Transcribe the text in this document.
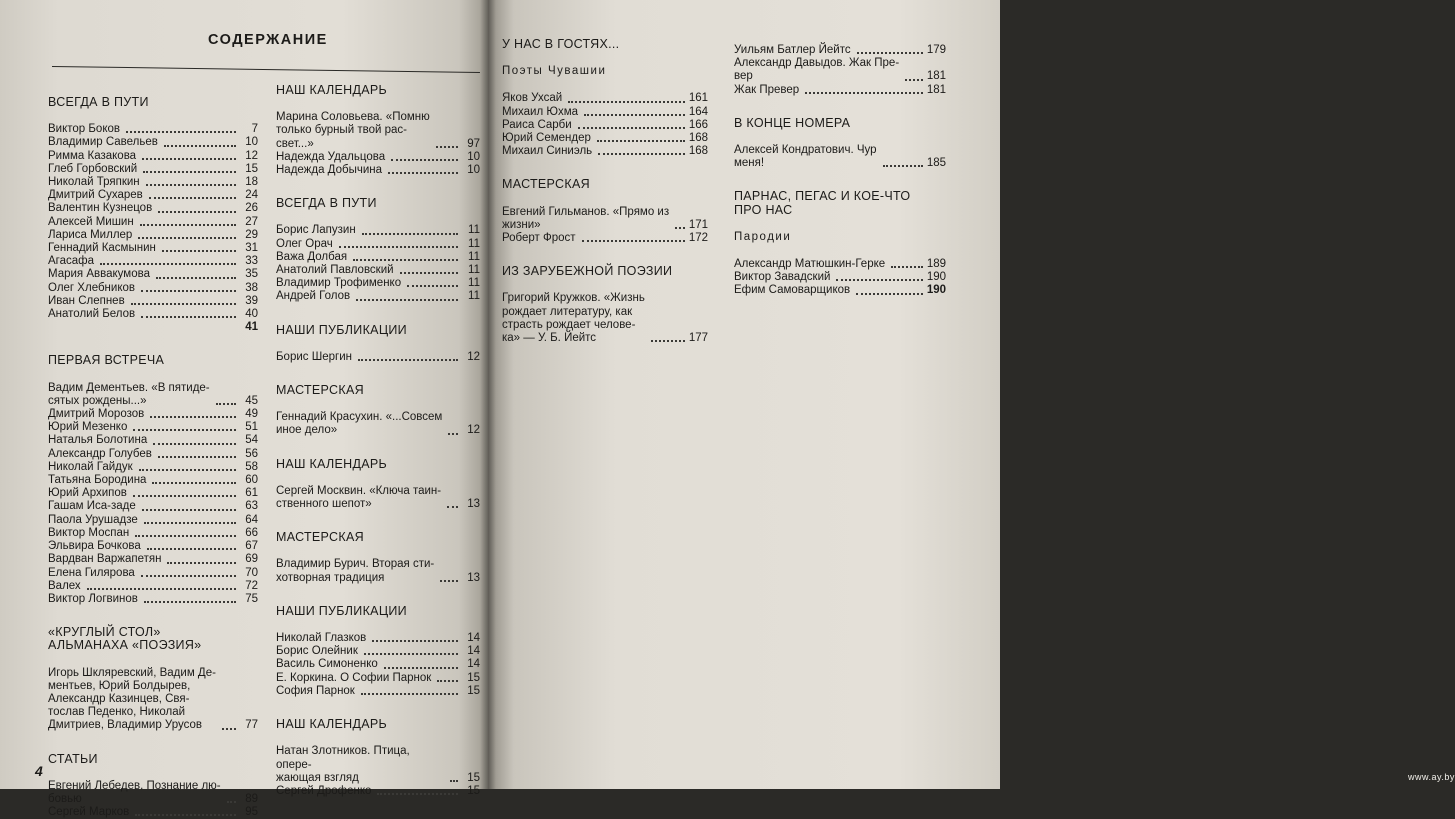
СОДЕРЖАНИЕ
ВСЕГДА В ПУТИ
Виктор Боков	7
Владимир Савельев	10
Римма Казакова	12
Глеб Горбовский	15
Николай Тряпкин	18
Дмитрий Сухарев	24
Валентин Кузнецов	26
Алексей Мишин	27
Лариса Миллер	29
Геннадий Касмынин	31
Агасафа	33
Мария Аввакумова	35
Олег Хлебников	38
Иван Слепнев	39
Анатолий Белов	40
41
ПЕРВАЯ ВСТРЕЧА
Вадим Дементьев. «В пятиде-
сятых рождены...»	45
Дмитрий Морозов	49
Юрий Мезенко	51
Наталья Болотина	54
Александр Голубев	56
Николай Гайдук	58
Татьяна Бородина	60
Юрий Архипов	61
Гашам Иса-заде	63
Паола Урушадзе	64
Виктор Моспан	66
Эльвира Бочкова	67
Вардван Варжапетян	69
Елена Гилярова	70
Валех	72
Виктор Логвинов	75
«КРУГЛЫЙ СТОЛ»
АЛЬМАНАХА «ПОЭЗИЯ»
Игорь Шкляревский, Вадим Де-
ментьев, Юрий Болдырев,
Александр Казинцев, Свя-
тослав Педенко, Николай
Дмитриев, Владимир Урусов	77
СТАТЬИ
Евгений Лебедев. Познание лю-
бовью	89
Сергей Марков	95
НАШ КАЛЕНДАРЬ
Марина Соловьева. «Помню
только бурный твой рас-
свет...»	97
Надежда Удальцова	10
Надежда Добычина	10
ВСЕГДА В ПУТИ
Борис Лапузин	11
Олег Орач	11
Важа Долбая	11
Анатолий Павловский	11
Владимир Трофименко	11
Андрей Голов	11
НАШИ ПУБЛИКАЦИИ
Борис Шергин	12
МАСТЕРСКАЯ
Геннадий Красухин. «...Совсем
иное дело»	12
НАШ КАЛЕНДАРЬ
Сергей Москвин. «Ключа таин-
ственного шепот»	13
МАСТЕРСКАЯ
Владимир Бурич. Вторая сти-
хотворная традиция	13
НАШИ ПУБЛИКАЦИИ
Николай Глазков	14
Борис Олейник	14
Василь Симоненко	14
Е. Коркина. О Софии Парнок	15
София Парнок	15
НАШ КАЛЕНДАРЬ
Натан Злотников. Птица, опере-
жающая взгляд	15
Сергей Дрофенко	15
4
У НАС В ГОСТЯХ...
Поэты Чувашии
Яков Ухсай	161
Михаил Юхма	164
Раиса Сарби	166
Юрий Семендер	168
Михаил Синиэль	168
МАСТЕРСКАЯ
Евгений Гильманов. «Прямо из
жизни»	171
Роберт Фрост	172
ИЗ ЗАРУБЕЖНОЙ ПОЭЗИИ
Григорий Кружков. «Жизнь
рождает литературу, как
страсть рождает челове-
ка» — У. Б. Йейтс	177
Уильям Батлер Йейтс	179
Александр Давыдов. Жак Пре-
вер	181
Жак Превер	181
В КОНЦЕ НОМЕРА
Алексей Кондратович. Чур
меня!	185
ПАРНАС, ПЕГАС И КОЕ-ЧТО
ПРО НАС
Пародии
Александр Матюшкин-Герке	189
Виктор Завадский	190
Ефим Самоварщиков	190
www.ay.by
